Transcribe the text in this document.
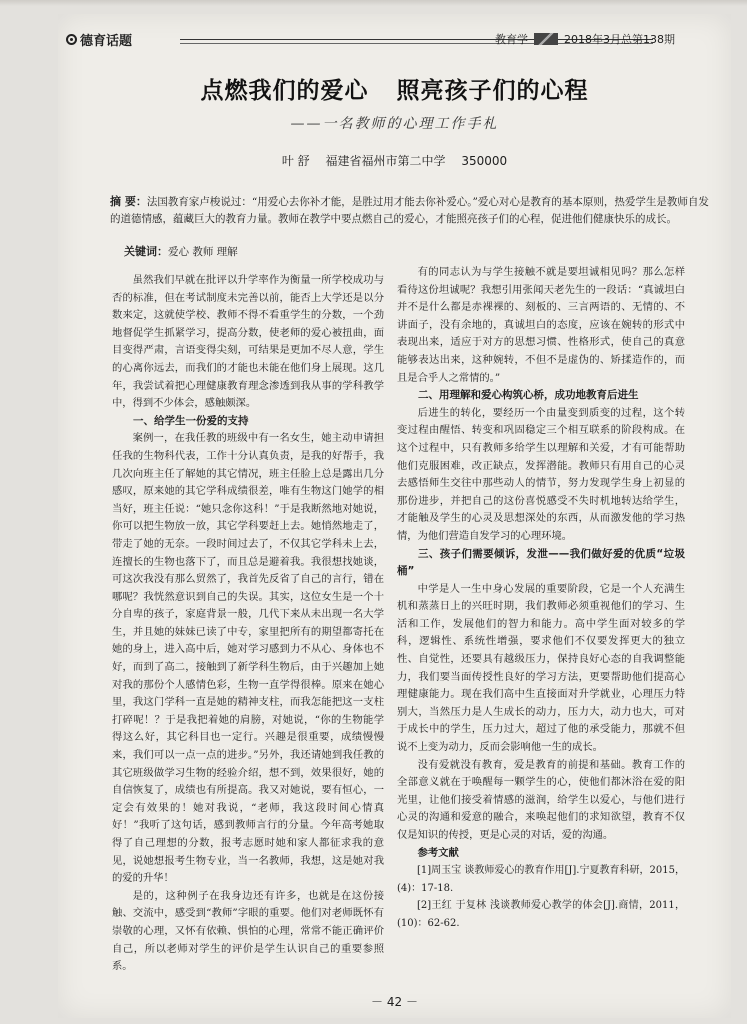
德育话题	教育学	2018年3月总第138期
点燃我们的爱心 照亮孩子们的心程
——一名教师的心理工作手札
叶 舒 福建省福州市第二中学 350000
摘 要：法国教育家卢梭说过：“用爱心去你补才能，是胜过用才能去你补爱心。”爱心对心是教育的基本原则，热爱学生是教师自发的道德情感，蕴藏巨大的教育力量。教师在教学中要点燃自己的爱心，才能照亮孩子们的心程，促进他们健康快乐的成长。
关键词：爱心 教师 理解

虽然我们早就在批评以升学率作为衡量一所学校成功与否的标准，但在考试制度未完善以前，能否上大学还是以分数来定，这就使学校、教师不得不看重学生的分数，一个劲地督促学生抓紧学习，提高分数，使老师的爱心被扭曲，面目变得严肃，言语变得尖刻，可结果是更加不尽人意，学生的心离你远去，而我们的才能也未能在他们身上展现。这几年，我尝试着把心理健康教育理念渗透到我从事的学科教学中，得到不少体会，感触颇深。

一、给学生一份爱的支持

案例一，在我任教的班级中有一名女生，她主动申请担任我的生物科代表，工作十分认真负责，是我的好帮手，我几次向班主任了解她的其它情况，班主任脸上总是露出几分感叹，原来她的其它学科成绩很差，唯有生物这门她学的相当好，班主任说：“她只念你这科！”于是我断然地对她说，你可以把生物放一放，其它学科要赶上去。她悄然地走了，带走了她的无奈。一段时间过去了，不仅其它学科未上去，连擅长的生物也落下了，而且总是避着我。我很想找她谈，可这次我没有那么贸然了，我首先反省了自己的言行，错在哪呢？我恍然意识到自己的失误。其实，这位女生是一个十分自卑的孩子，家庭背景一般，几代下来从未出现一名大学生，并且她的妹妹已读了中专，家里把所有的期望都寄托在她的身上，进入高中后，她对学习感到力不从心、身体也不好，而到了高二，接触到了新学科生物后，由于兴趣加上她对我的那份个人感情色彩，生物一直学得很棒。原来在她心里，我这门学科一直是她的精神支柱，而我怎能把这一支柱打碎呢！？于是我把着她的肩膀，对她说，“你的生物能学得这么好，其它科目也一定行。兴趣是很重要，成绩慢慢来，我们可以一点一点的进步。”另外，我还请她到我任教的其它班级做学习生物的经验介绍，想不到，效果很好，她的自信恢复了，成绩也有所提高。我又对她说，要有恒心，一定会有效果的！她对我说，“老师，我这段时间心情真好！”我听了这句话，感到教师言行的分量。今年高考她取得了自己理想的分数，报考志愿时她和家人都征求我的意见，说她想报考生物专业，当一名教师，我想，这是她对我的爱的升华！

是的，这种例子在我身边还有许多，也就是在这份接触、交流中，感受到“教师”字眼的重要。他们对老师既怀有崇敬的心理，又怀有依赖、惧怕的心理，常常不能正确评价自己，所以老师对学生的评价是学生认识自己的重要参照系。

有的同志认为与学生接触不就是要坦诚相见吗？那么怎样看待这份坦诚呢？我想引用张闻天老先生的一段话：“真诚坦白并不是什么都是赤裸裸的、刻板的、三言两语的、无情的、不讲面子，没有余地的，真诚坦白的态度，应该在婉转的形式中表现出来，适应于对方的思想习惯、性格形式，使自己的真意能够表达出来，这种婉转，不但不是虚伪的、矫揉造作的，而且是合乎人之常情的。”

二、用理解和爱心构筑心桥，成功地教育后进生

后进生的转化，要经历一个由量变到质变的过程，这个转变过程由醒悟、转变和巩固稳定三个相互联系的阶段构成。在这个过程中，只有教师多给学生以理解和关爱，才有可能帮助他们克服困难，改正缺点，发挥潜能。教师只有用自己的心灵去感悟师生交往中那些动人的情节，努力发现学生身上初显的那份进步，并把自己的这份喜悦感受不失时机地转达给学生，才能触及学生的心灵及思想深处的东西，从而激发他的学习热情，为他们营造自发学习的心理环境。

三、孩子们需要倾诉，发泄——我们做好爱的优质“垃圾桶”

中学是人一生中身心发展的重要阶段，它是一个人充满生机和蒸蒸日上的兴旺时期，我们教师必须重视他们的学习、生活和工作，发展他们的智力和能力。高中学生面对较多的学科，逻辑性、系统性增强，要求他们不仅要发挥更大的独立性、自觉性，还要具有越级压力，保持良好心态的自我调整能力，我们要当面传授性良好的学习方法，更要帮助他们提高心理健康能力。现在我们高中生直接面对升学就业，心理压力特别大，当然压力是人生成长的动力，压力大，动力也大，可对于成长中的学生，压力过大，超过了他的承受能力，那就不但说不上变为动力，反而会影响他一生的成长。

没有爱就没有教育，爱是教育的前提和基础。教育工作的全部意义就在于唤醒每一颗学生的心，使他们都沐浴在爱的阳光里，让他们接受着情感的滋润，给学生以爱心，与他们进行心灵的沟通和爱意的融合，来唤起他们的求知欲望，教育不仅仅是知识的传授，更是心灵的对话，爱的沟通。

参考文献

[1]周玉宝 谈教师爱心的教育作用[J].宁夏教育科研，2015，(4)：17-18.

[2]王红 于复林 浅谈教师爱心教学的体会[J].商情，2011，(10)：62-62.

－ 42 －
